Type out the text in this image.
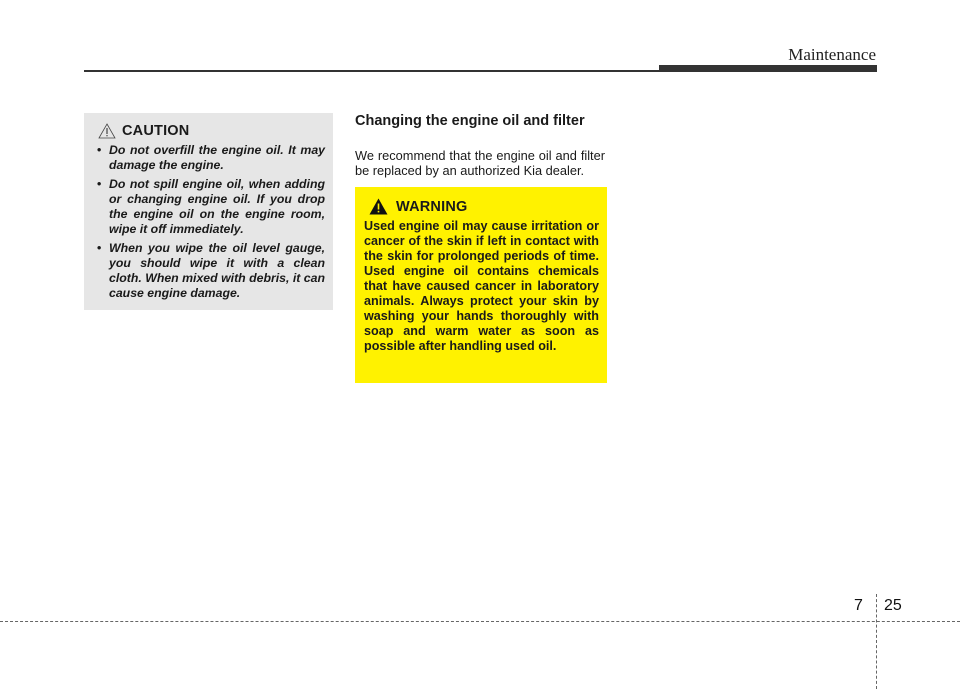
Maintenance
CAUTION
• Do not overfill the engine oil. It may damage the engine.
• Do not spill engine oil, when adding or changing engine oil. If you drop the engine oil on the engine room, wipe it off immediately.
• When you wipe the oil level gauge, you should wipe it with a clean cloth. When mixed with debris, it can cause engine damage.
Changing the engine oil and filter

We recommend that the engine oil and filter be replaced by an authorized Kia dealer.

WARNING

Used engine oil may cause irritation or cancer of the skin if left in contact with the skin for prolonged periods of time. Used engine oil contains chemicals that have caused cancer in laboratory animals. Always protect your skin by washing your hands thoroughly with soap and warm water as soon as possible after handling used oil.

7 25
